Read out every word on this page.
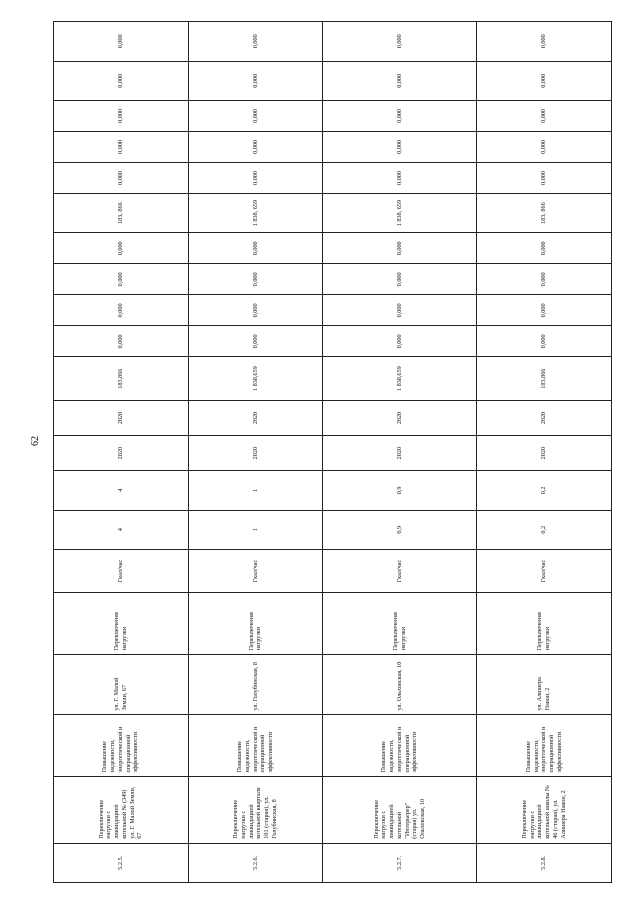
62
5.2.5.	Переключение нагрузки с ликвидацией котельной № (349) ул. Г. Малой Земли, 67	Повышение надежности, энергетической и операционной эффективности	ул. Г. Малой Земли, 67	Переключение нагрузки	Гкал/час	4	4	2020	2020	183,866	0,000	0,000	0,000	0,000	183, 866	0,000	0,000	0,000	0,000	0,000
5.2.6.	Переключение нагрузки с ликвидацией котельной квартала 101 (старая), ул. Голубинская, 8	Повышение надежности, энергетической и операционной эффективности	ул. Голубинская, 8	Переключение нагрузки	Гкал/час	1	1	2020	2020	1 838,659	0,000	0,000	0,000	0,000	1 838, 659	0,000	0,000	0,000	0,000	0,000
5.2.7.	Переключение нагрузки с ликвидацией котельной "Интерьерер" (старая) ул. Ольховская, 10	Повышение надежности, энергетической и операционной эффективности	ул. Ольховская, 10	Переключение нагрузки	Гкал/час	0,9	0,9	2020	2020	1 838,659	0,000	0,000	0,000	0,000	1 838, 659	0,000	0,000	0,000	0,000	0,000
5.2.8.	Переключение нагрузки с ликвидацией котельной школы № 46 (старая), ул. Алишера Навои, 2	Повышение надежности, энергетической и операционной эффективности	ул. Алишера Навои, 2	Переключение нагрузки	Гкал/час	0,2	0,2	2020	2020	183,866	0,000	0,000	0,000	0,000	183, 866	0,000	0,000	0,000	0,000	0,000
